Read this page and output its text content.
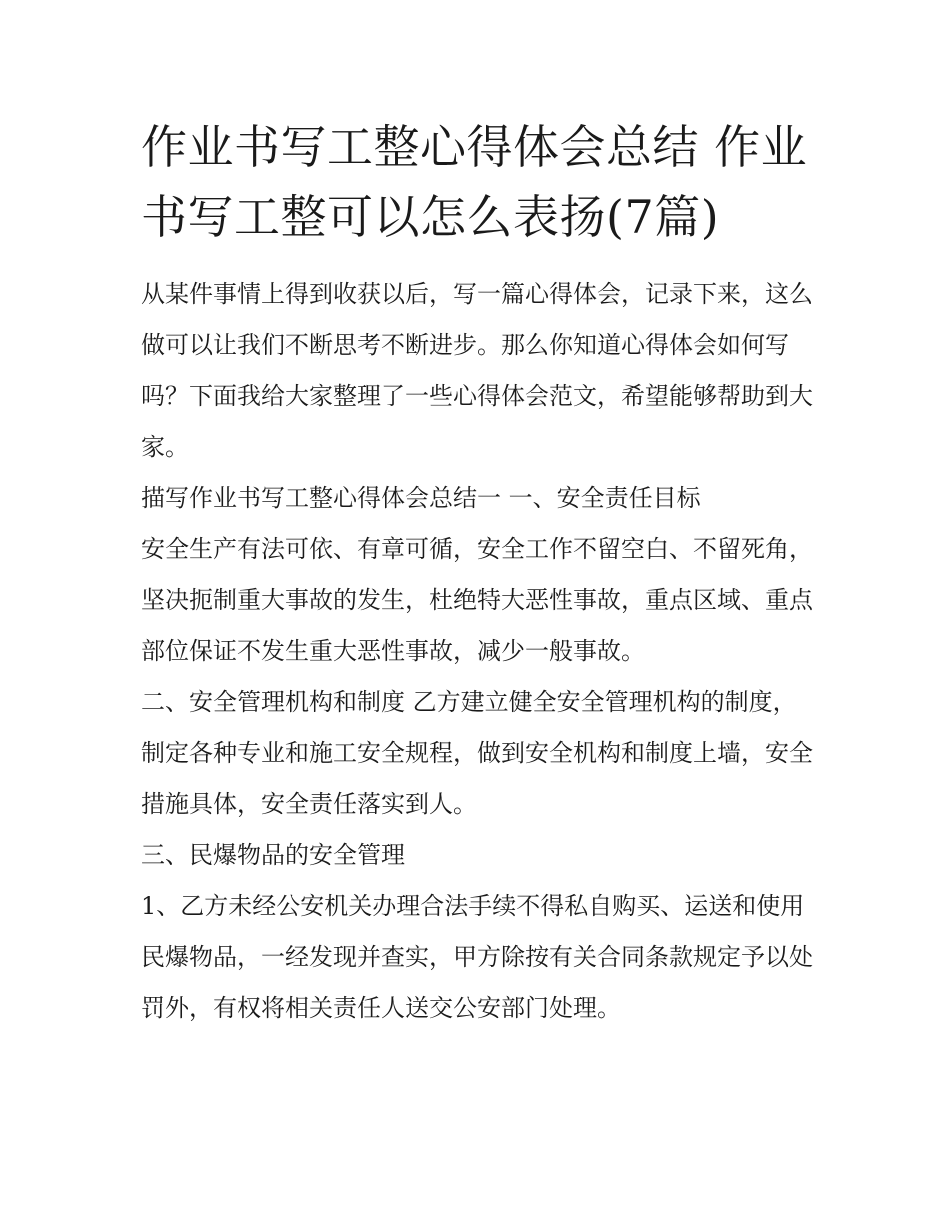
作业书写工整心得体会总结 作业书写工整可以怎么表扬(7篇)

从某件事情上得到收获以后，写一篇心得体会，记录下来，这么做可以让我们不断思考不断进步。那么你知道心得体会如何写吗？下面我给大家整理了一些心得体会范文，希望能够帮助到大家。

描写作业书写工整心得体会总结一 一、安全责任目标

安全生产有法可依、有章可循，安全工作不留空白、不留死角，坚决扼制重大事故的发生，杜绝特大恶性事故，重点区域、重点部位保证不发生重大恶性事故，减少一般事故。

二、安全管理机构和制度 乙方建立健全安全管理机构的制度，制定各种专业和施工安全规程，做到安全机构和制度上墙，安全措施具体，安全责任落实到人。

三、民爆物品的安全管理

1、乙方未经公安机关办理合法手续不得私自购买、运送和使用民爆物品，一经发现并查实，甲方除按有关合同条款规定予以处罚外，有权将相关责任人送交公安部门处理。
